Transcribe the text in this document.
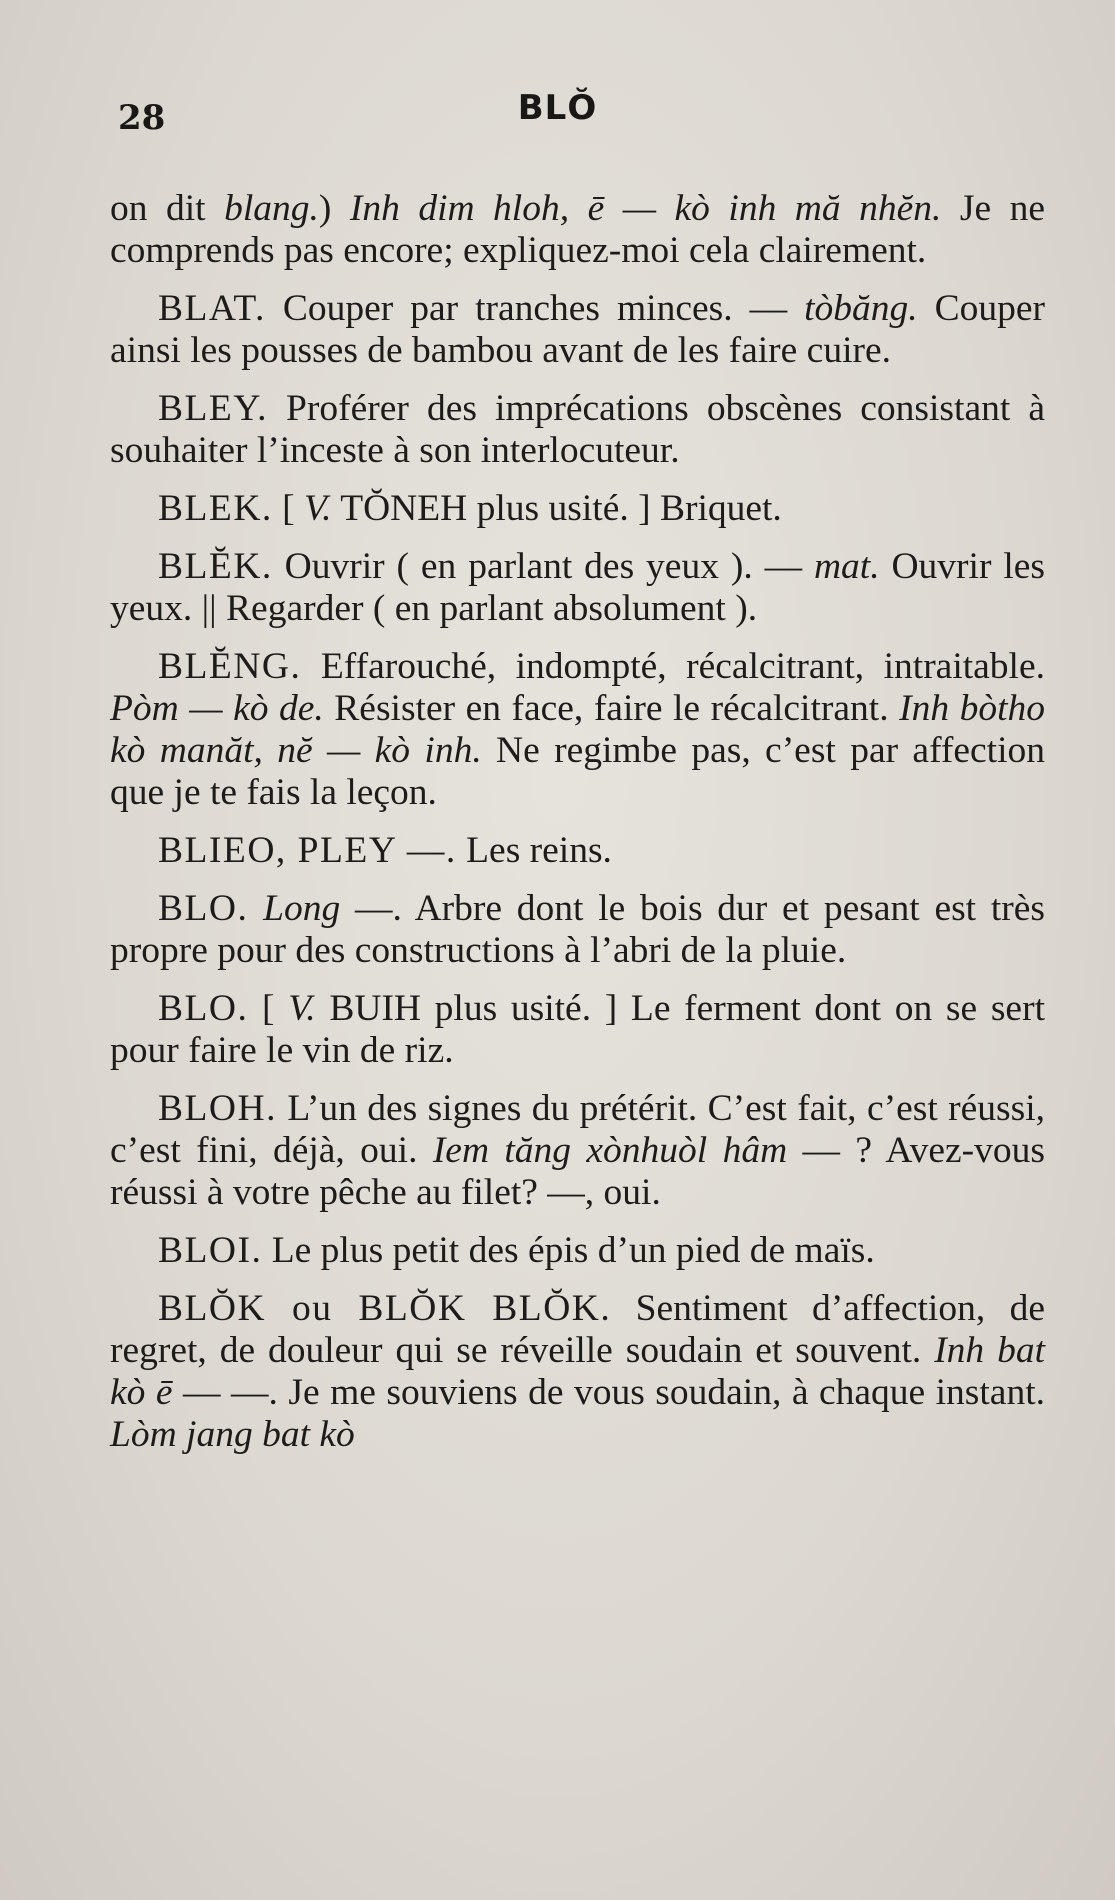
28	BLŎ

on dit blang.) Inh dim hloh, ē — kò inh mă nhĕn. Je ne comprends pas encore; expliquez-moi cela clairement.

BLAT. Couper par tranches minces. — tòbăng. Couper ainsi les pousses de bambou avant de les faire cuire.

BLEY. Proférer des imprécations obscènes consistant à souhaiter l’inceste à son interlocuteur.

BLEK. [ V. TŎNEH plus usité. ] Briquet.

BLĔK. Ouvrir ( en parlant des yeux ). — mat. Ouvrir les yeux. || Regarder ( en parlant absolument ).

BLĔNG. Effarouché, indompté, récalcitrant, intraitable. Pòm — kò de. Résister en face, faire le récalcitrant. Inh bòtho kò manăt, nĕ — kò inh. Ne regimbe pas, c’est par affection que je te fais la leçon.

BLIEO, PLEY —. Les reins.

BLO. Long —. Arbre dont le bois dur et pesant est très propre pour des constructions à l’abri de la pluie.

BLO. [ V. BUIH plus usité. ] Le ferment dont on se sert pour faire le vin de riz.

BLOH. L’un des signes du prétérit. C’est fait, c’est réussi, c’est fini, déjà, oui. Iem tăng xònhuòl hâm — ? Avez-vous réussi à votre pêche au filet? —, oui.

BLOI. Le plus petit des épis d’un pied de maïs.

BLŎK ou BLŎK BLŎK. Sentiment d’affection, de regret, de douleur qui se réveille soudain et souvent. Inh bat kò ē — —. Je me souviens de vous soudain, à chaque instant. Lòm jang bat kò
